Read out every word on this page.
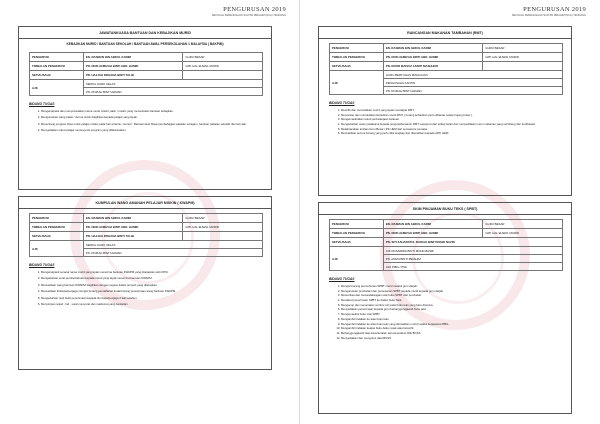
PENGURUSAN 2019
SEKOLAH KEBANGSAAN SULTAN IBRAHIM (DUA) TENDANG
JAWATANKUASA BANTUAN DAN KEBAJIKAN MURID
KEBAJIKAN MURID / BANTUAN SEKOLAH / BANTUAN AWAL PERSEKOLAHAN 1 MALAYSIA ( BAKPIM)
PENGERUSI	EN. RASMAN BIN ABDUL KARIM	GURU BESAR
TIMBALAN PENGERUSI	PN. NOR HAMIZAH BINTI ABD. HAMID	GPK HAL EHWAL MURID
SETIAUSAHA	PN. HAJJAH ROHANA BINTI TALIB	
AJK	SEMUA GURU KELAS	
	PN. ROZIAH BINTI AHMAD	
BIDANG TUGAS
1. Mengenalpasti dan menyenaraikan nama murid miskin yakin / miskin yang memerlukan bantuan kebajikan.
2. Menguruskan wang zakat / derma untuk diagihkan kepada pelajar yang layak.
3. Menentang program khas untuk pelajar miskin pada hari tertentu. Contoh : Bantuan Hari Raya pembahagian pakaian seragam, bantuan pakaian sekolah dan lain-lain.
4. Menyediakan rekod pelajar semua jenis program yang dilaksanakan.
KUMPULAN WANG AMANAH PELAJAR MISKIN ( KWAPM)
PENGERUSI	EN. RASMAN BIN ABDUL KARIM	GURU BESAR
TIMBALAN PENGERUSI	PN. NOR HAMIZAH BINTI ABD. HAMID	GPK HAL EHWAL MURID
SETIAUSAHA	PN. HAJJAH ROHANA BINTI TALIB	
AJK	SEMUA GURU KELAS	
	PN. ROZIAH BINTI AHMAD	
BIDANG TUGAS
1. Mengenalpasti senarai nama murid yang layak menerima bantuan KWAPM yang ditetapkan oleh KPM.
2. Mengedarkan surat pemberitahuan kepada murid yang layak menerima bantuan KWAPM.
3. Memastikan wang bantuan KWAPM diagihkan dengan segera dalam tempoh yang ditetapkan.
4. Memastikan ibubapa/penjaga mengisi borang pendaftaran kedai borang penerimaan wang bantuan KWAPM.
5. Mengedarkan resit bukti penerimaan kepada ibu bapa/penjaga 2 kali setahun.
6. Menyimpan rekod , fail , surat menyurat dan maklumat yang berkaitan.
PENGURUSAN 2019
SEKOLAH KEBANGSAAN SULTAN IBRAHIM (DUA) TENDANG
RANCANGAN MAKANAN TAMBAHAN (RMT)
PENGERUSI	EN. RASMAN BIN ABDUL KARIM	GURU BESAR
TIMBALAN PENGERUSI	PN. NOR HAMIZAH BINTI ABD. HAMID	GPK HAL EHWAL MURID
SETIAUSAHA	PN. NOOR MAISUZ ASNITI MASHHOR	
AJK	GURU BERTUGAS MINGGUAN	
	PENGUSAHA KANTIN	
	PN. ROZIAH BINTI AHMAD	
BIDANG TUGAS
1. Memilih dan memastikan murid yang layak mendapat RMT.
2. Memantau dan memastikan kehadiran murid RMT ( borang kehadiran perlu dihantar setiap hujung bulan ).
3. Mengemaskinikan rekod perbelanjaan bulanan.
4. Mengedarkan maso pelaksana kepada pengusaha kantin RMT supaya ia dari setiap bulan dan menyediakan menu makanan yang seimbang dan berkhasiat.
5. Melaksanakan arahan Guru Besar / PK HEM dari semasa ke semasa.
6. Memastikan semua borang yang perlu diisi lengkap dan diserahkan kepada GPK HEM.
SKIM PINJAMAN BUKU TEKS ( SPBT)
PENGERUSI	EN. RASMAN BIN ABDUL KARIM	GURU BESAR
TIMBALAN PENGERUSI	PN. NOR HAMIZAH BINTI ABD. HAMID	GPK HAL EHWAL MURID
SETIAUSAHA	PN. SITI ZAHARATUL RADIAH BINTI MOHD NAZRI	
AJK	CIK ROSAMIRA BINTI MOHD BASRI	
	PN. ANIZA BINTI IBRAHIM	
	AJK PIBG / PSK	
BIDANG TUGAS
1. Mengisi borang permohonan SPBT murid melalui guru darjah.
2. Menguruskan pembelian dan pemesanan SPBT kepada murid kepada guru darjah.
3. Memeriksa dan menandatangani stok buku SPBT dari pembekal.
4. Menakod penerimaan SPBT ke dalam buku Stok.
5. Mengecop dan menerakan nombor siri pada buku teks yang baru diterima.
6. Menyediakan penerimaan kepada guru bertanggungjawab buku teks.
7. Mengemaskini buku stok SPBT.
8. Mengambil tindakan ke atas buku teks.
9. Mengambil tindakan ke atas buku teks yang dirosakkan murid melalui kerjasama PIBG.
10. Mengambil tindakan keatas buku-buku rosak atau belup/fir.
11. Bertanggungjawab atas keselamatan dan kecerahan bilik BOSS.
12. Menyediakan dan mengurus data BOSS.
